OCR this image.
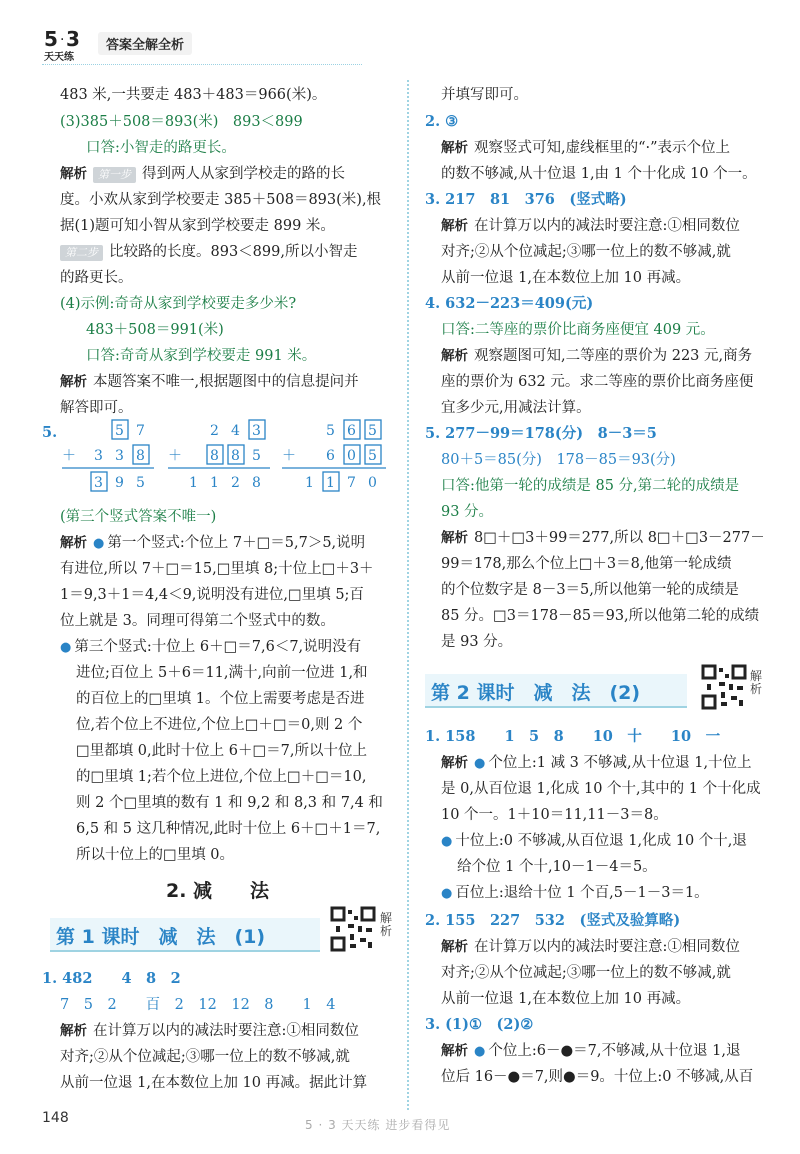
5 · 3
天天练
答案全解全析
483 米,一共要走 483＋483＝966(米)。
(3)385＋508＝893(米)　893＜899
口答:小智走的路更长。
解析 第一步 得到两人从家到学校走的路的长
度。小欢从家到学校要走 385＋508＝893(米),根
据(1)题可知小智从家到学校要走 899 米。
第二步 比较路的长度。893＜899,所以小智走
的路更长。
(4)示例:奇奇从家到学校要走多少米?
483＋508＝991(米)
口答:奇奇从家到学校要走 991 米。
解析 本题答案不唯一,根据题图中的信息提问并
解答即可。
5.	5 7
＋ 3 3 8
3 9 5
2 4 3
＋ 8 8 5
1 1 2 8
5 6 5
＋ 6 0 5
1 1 7 0
(第三个竖式答案不唯一)
解析 ● 第一个竖式:个位上 7＋□＝5,7＞5,说明
有进位,所以 7＋□＝15,□里填 8;十位上□＋3＋
1＝9,3＋1＝4,4＜9,说明没有进位,□里填 5;百
位上就是 3。同理可得第二个竖式中的数。
● 第三个竖式:十位上 6＋□＝7,6＜7,说明没有
进位;百位上 5＋6＝11,满十,向前一位进 1,和
的百位上的□里填 1。个位上需要考虑是否进
位,若个位上不进位,个位上□＋□＝0,则 2 个
□里都填 0,此时十位上 6＋□＝7,所以十位上
的□里填 1;若个位上进位,个位上□＋□＝10,
则 2 个□里填的数有 1 和 9,2 和 8,3 和 7,4 和
6,5 和 5 这几种情况,此时十位上 6＋□＋1＝7,
所以十位上的□里填 0。
2. 减　　法
第 1 课时　减　法　(1)
解析
1. 482　　4　8　2
7　5　2　　百　2　12　12　8　　1　4
解析 在计算万以内的减法时要注意:①相同数位
对齐;②从个位减起;③哪一位上的数不够减,就
从前一位退 1,在本数位上加 10 再减。据此计算
并填写即可。
2. ③
解析 观察竖式可知,虚线框里的“·”表示个位上
的数不够减,从十位退 1,由 1 个十化成 10 个一。
3. 217　81　376　(竖式略)
解析 在计算万以内的减法时要注意:①相同数位
对齐;②从个位减起;③哪一位上的数不够减,就
从前一位退 1,在本数位上加 10 再减。
4. 632－223＝409(元)
口答:二等座的票价比商务座便宜 409 元。
解析 观察题图可知,二等座的票价为 223 元,商务
座的票价为 632 元。求二等座的票价比商务座便
宜多少元,用减法计算。
5. 277－99＝178(分)　8－3＝5
80＋5＝85(分)　178－85＝93(分)
口答:他第一轮的成绩是 85 分,第二轮的成绩是
93 分。
解析 8□＋□3＋99＝277,所以 8□＋□3－277－
99＝178,那么个位上□＋3＝8,他第一轮成绩
的个位数字是 8－3＝5,所以他第一轮的成绩是
85 分。□3＝178－85＝93,所以他第二轮的成绩
是 93 分。
第 2 课时　减　法　(2)
解析
1. 158　　1　5　8　　10　十　　10　一
解析 ● 个位上:1 减 3 不够减,从十位退 1,十位上
是 0,从百位退 1,化成 10 个十,其中的 1 个十化成
10 个一。1＋10＝11,11－3＝8。
● 十位上:0 不够减,从百位退 1,化成 10 个十,退
给个位 1 个十,10－1－4＝5。
● 百位上:退给十位 1 个百,5－1－3＝1。
2. 155　227　532　(竖式及验算略)
解析 在计算万以内的减法时要注意:①相同数位
对齐;②从个位减起;③哪一位上的数不够减,就
从前一位退 1,在本数位上加 10 再减。
3. (1)①　(2)②
解析 ● 个位上:6－●＝7,不够减,从十位退 1,退
位后 16－●＝7,则●＝9。十位上:0 不够减,从百
148	5 · 3 天天练 进步看得见
